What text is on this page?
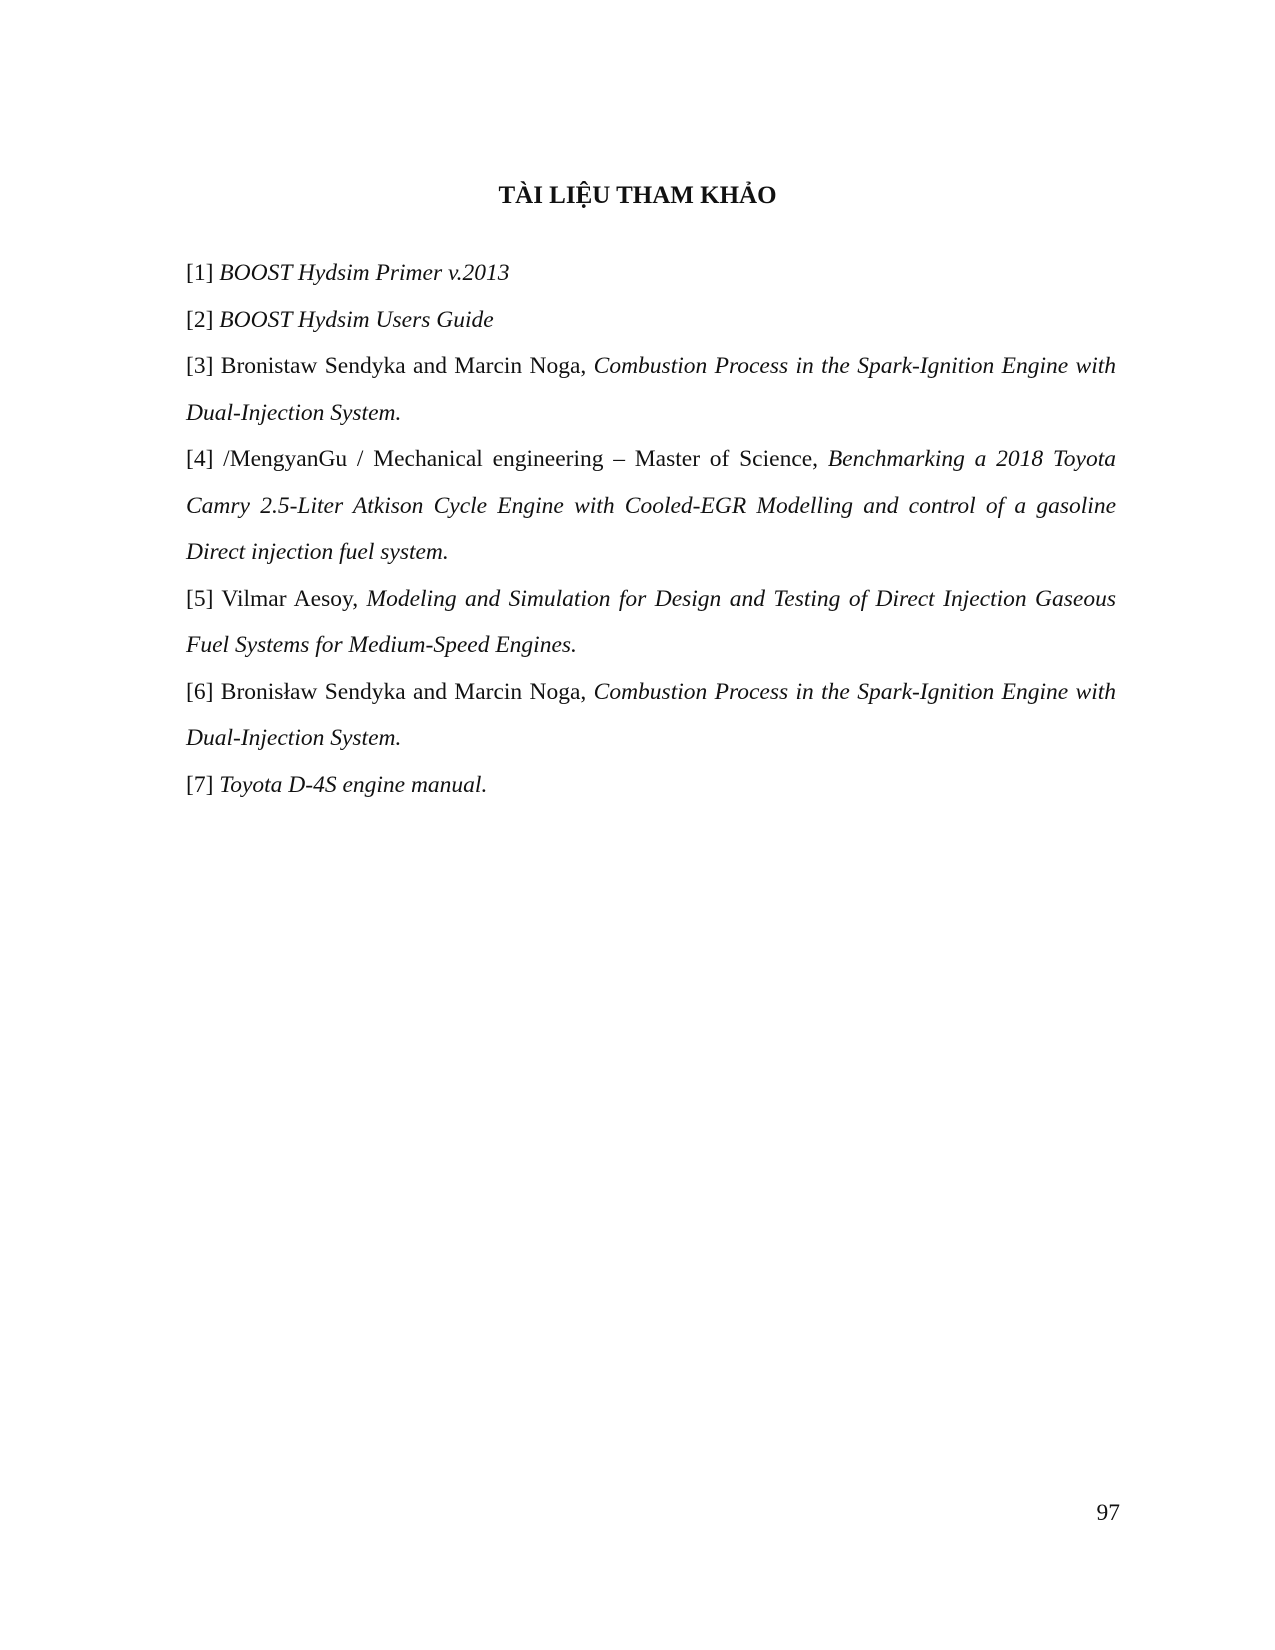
TÀI LIỆU THAM KHẢO

[1] BOOST Hydsim Primer v.2013

[2] BOOST Hydsim Users Guide

[3] Bronistaw Sendyka and Marcin Noga, Combustion Process in the Spark-Ignition Engine with Dual-Injection System.

[4] /MengyanGu / Mechanical engineering – Master of Science, Benchmarking a 2018 Toyota Camry 2.5-Liter Atkison Cycle Engine with Cooled-EGR Modelling and control of a gasoline Direct injection fuel system.

[5] Vilmar Aesoy, Modeling and Simulation for Design and Testing of Direct Injection Gaseous Fuel Systems for Medium-Speed Engines.

[6] Bronisław Sendyka and Marcin Noga, Combustion Process in the Spark-Ignition Engine with Dual-Injection System.

[7] Toyota D-4S engine manual.

97
